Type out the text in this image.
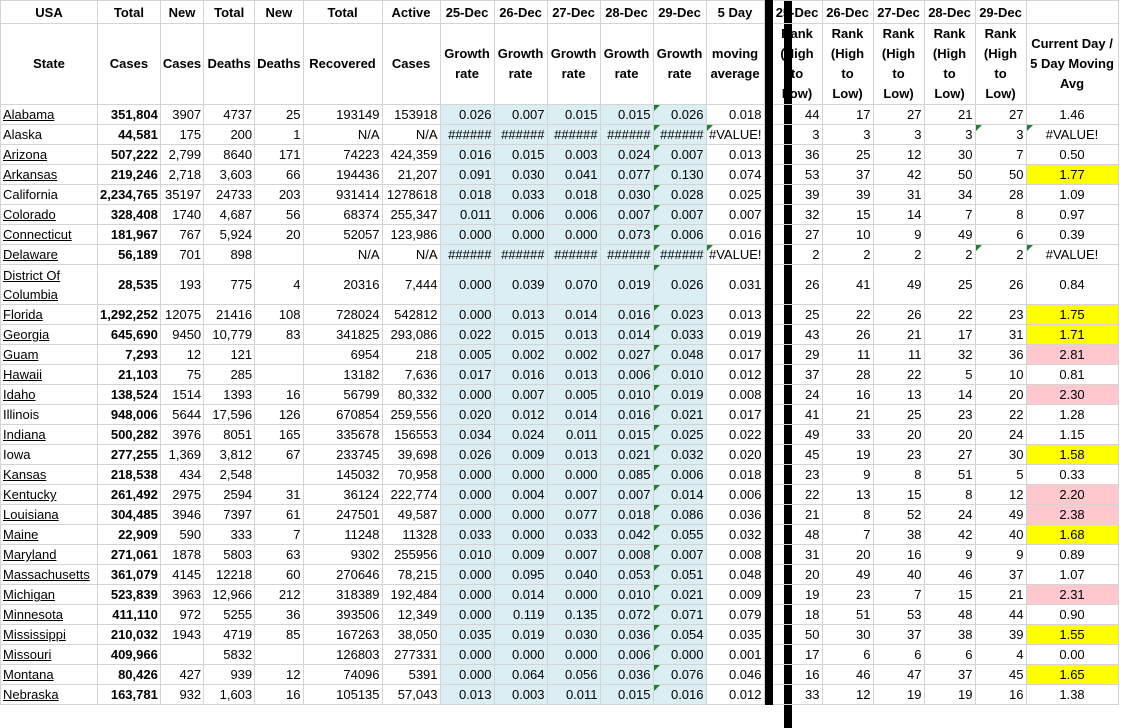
USA	Total	New	Total	New	Total	Active	25-Dec	26-Dec	27-Dec	28-Dec	29-Dec	5 Day		25-Dec	26-Dec	27-Dec	28-Dec	29-Dec	
State	Cases	Cases	Deaths	Deaths	Recovered	Cases	Growth rate	Growth rate	Growth rate	Growth rate	Growth rate	moving average		Rank (High to Low)	Rank (High to Low)	Rank (High to Low)	Rank (High to Low)	Rank (High to Low)	Current Day / 5 Day Moving Avg
Alabama	351,804	3907	4737	25	193149	153918	0.026	0.007	0.015	0.015	0.026	0.018		44	17	27	21	27	1.46
Alaska	44,581	175	200	1	N/A	N/A	######	######	######	######	######	#VALUE!		3	3	3	3	3	#VALUE!
Arizona	507,222	2,799	8640	171	74223	424,359	0.016	0.015	0.003	0.024	0.007	0.013		36	25	12	30	7	0.50
Arkansas	219,246	2,718	3,603	66	194436	21,207	0.091	0.030	0.041	0.077	0.130	0.074		53	37	42	50	50	1.77
California	2,234,765	35197	24733	203	931414	1278618	0.018	0.033	0.018	0.030	0.028	0.025		39	39	31	34	28	1.09
Colorado	328,408	1740	4,687	56	68374	255,347	0.011	0.006	0.006	0.007	0.007	0.007		32	15	14	7	8	0.97
Connecticut	181,967	767	5,924	20	52057	123,986	0.000	0.000	0.000	0.073	0.006	0.016		27	10	9	49	6	0.39
Delaware	56,189	701	898		N/A	N/A	######	######	######	######	######	#VALUE!		2	2	2	2	2	#VALUE!
District Of Columbia	28,535	193	775	4	20316	7,444	0.000	0.039	0.070	0.019	0.026	0.031		26	41	49	25	26	0.84
Florida	1,292,252	12075	21416	108	728024	542812	0.000	0.013	0.014	0.016	0.023	0.013		25	22	26	22	23	1.75
Georgia	645,690	9450	10,779	83	341825	293,086	0.022	0.015	0.013	0.014	0.033	0.019		43	26	21	17	31	1.71
Guam	7,293	12	121		6954	218	0.005	0.002	0.002	0.027	0.048	0.017		29	11	11	32	36	2.81
Hawaii	21,103	75	285		13182	7,636	0.017	0.016	0.013	0.006	0.010	0.012		37	28	22	5	10	0.81
Idaho	138,524	1514	1393	16	56799	80,332	0.000	0.007	0.005	0.010	0.019	0.008		24	16	13	14	20	2.30
Illinois	948,006	5644	17,596	126	670854	259,556	0.020	0.012	0.014	0.016	0.021	0.017		41	21	25	23	22	1.28
Indiana	500,282	3976	8051	165	335678	156553	0.034	0.024	0.011	0.015	0.025	0.022		49	33	20	20	24	1.15
Iowa	277,255	1,369	3,812	67	233745	39,698	0.026	0.009	0.013	0.021	0.032	0.020		45	19	23	27	30	1.58
Kansas	218,538	434	2,548		145032	70,958	0.000	0.000	0.000	0.085	0.006	0.018		23	9	8	51	5	0.33
Kentucky	261,492	2975	2594	31	36124	222,774	0.000	0.004	0.007	0.007	0.014	0.006		22	13	15	8	12	2.20
Louisiana	304,485	3946	7397	61	247501	49,587	0.000	0.000	0.077	0.018	0.086	0.036		21	8	52	24	49	2.38
Maine	22,909	590	333	7	11248	11328	0.033	0.000	0.033	0.042	0.055	0.032		48	7	38	42	40	1.68
Maryland	271,061	1878	5803	63	9302	255956	0.010	0.009	0.007	0.008	0.007	0.008		31	20	16	9	9	0.89
Massachusetts	361,079	4145	12218	60	270646	78,215	0.000	0.095	0.040	0.053	0.051	0.048		20	49	40	46	37	1.07
Michigan	523,839	3963	12,966	212	318389	192,484	0.000	0.014	0.000	0.010	0.021	0.009		19	23	7	15	21	2.31
Minnesota	411,110	972	5255	36	393506	12,349	0.000	0.119	0.135	0.072	0.071	0.079		18	51	53	48	44	0.90
Mississippi	210,032	1943	4719	85	167263	38,050	0.035	0.019	0.030	0.036	0.054	0.035		50	30	37	38	39	1.55
Missouri	409,966		5832		126803	277331	0.000	0.000	0.000	0.006	0.000	0.001		17	6	6	6	4	0.00
Montana	80,426	427	939	12	74096	5391	0.000	0.064	0.056	0.036	0.076	0.046		16	46	47	37	45	1.65
Nebraska	163,781	932	1,603	16	105135	57,043	0.013	0.003	0.011	0.015	0.016	0.012		33	12	19	19	16	1.38
